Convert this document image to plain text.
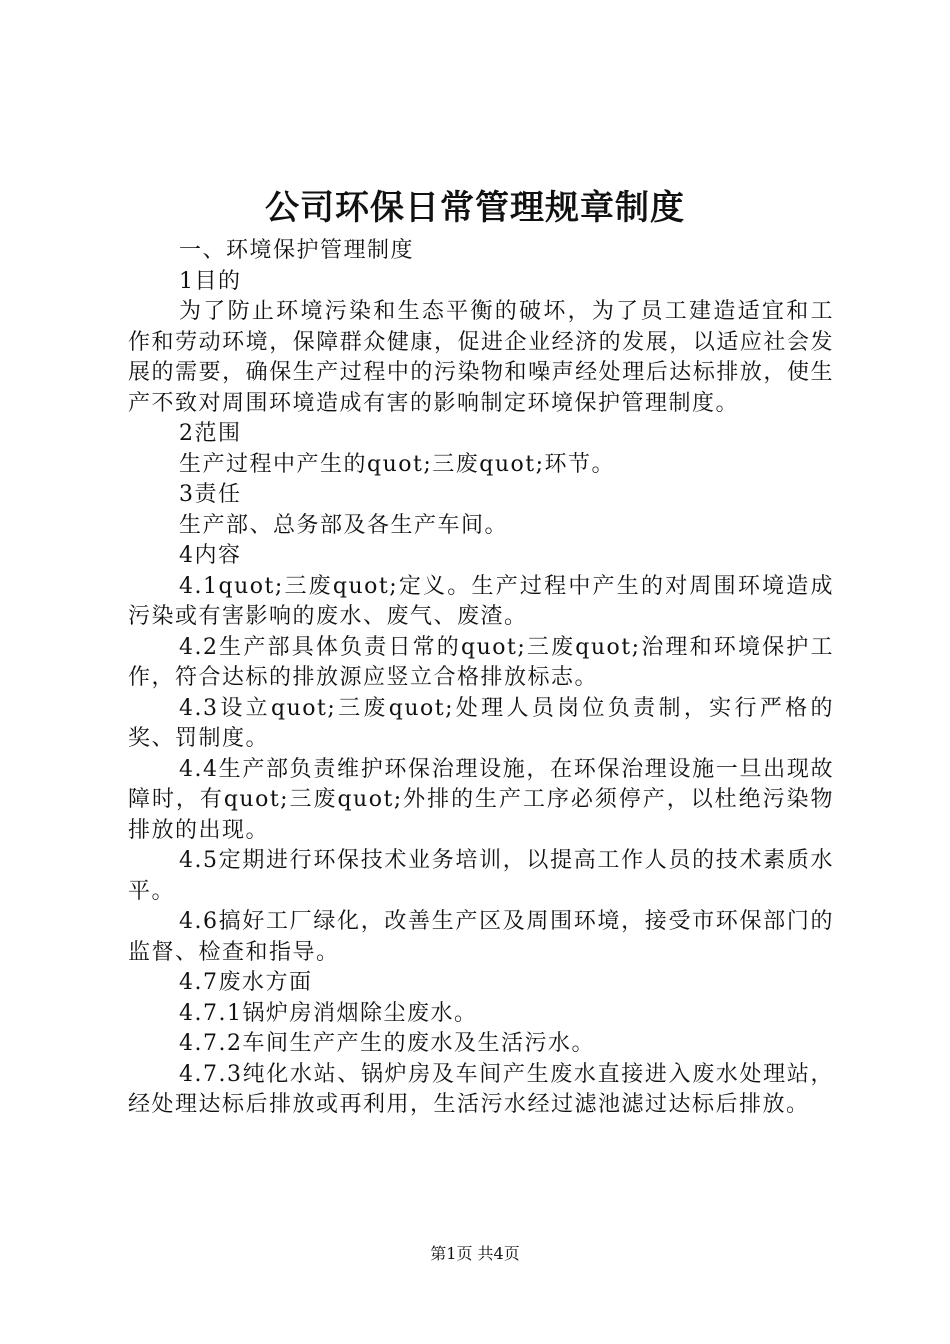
公司环保日常管理规章制度

一、环境保护管理制度

1目的

为了防止环境污染和生态平衡的破坏，为了员工建造适宜和工作和劳动环境，保障群众健康，促进企业经济的发展，以适应社会发展的需要，确保生产过程中的污染物和噪声经处理后达标排放，使生产不致对周围环境造成有害的影响制定环境保护管理制度。

2范围

生产过程中产生的quot;三废quot;环节。

3责任

生产部、总务部及各生产车间。

4内容

4.1quot;三废quot;定义。生产过程中产生的对周围环境造成污染或有害影响的废水、废气、废渣。

4.2生产部具体负责日常的quot;三废quot;治理和环境保护工作，符合达标的排放源应竖立合格排放标志。

4.3设立quot;三废quot;处理人员岗位负责制，实行严格的奖、罚制度。

4.4生产部负责维护环保治理设施，在环保治理设施一旦出现故障时，有quot;三废quot;外排的生产工序必须停产，以杜绝污染物排放的出现。

4.5定期进行环保技术业务培训，以提高工作人员的技术素质水平。

4.6搞好工厂绿化，改善生产区及周围环境，接受市环保部门的监督、检查和指导。

4.7废水方面

4.7.1锅炉房消烟除尘废水。

4.7.2车间生产产生的废水及生活污水。

4.7.3纯化水站、锅炉房及车间产生废水直接进入废水处理站，经处理达标后排放或再利用，生活污水经过滤池滤过达标后排放。

第1页 共4页
